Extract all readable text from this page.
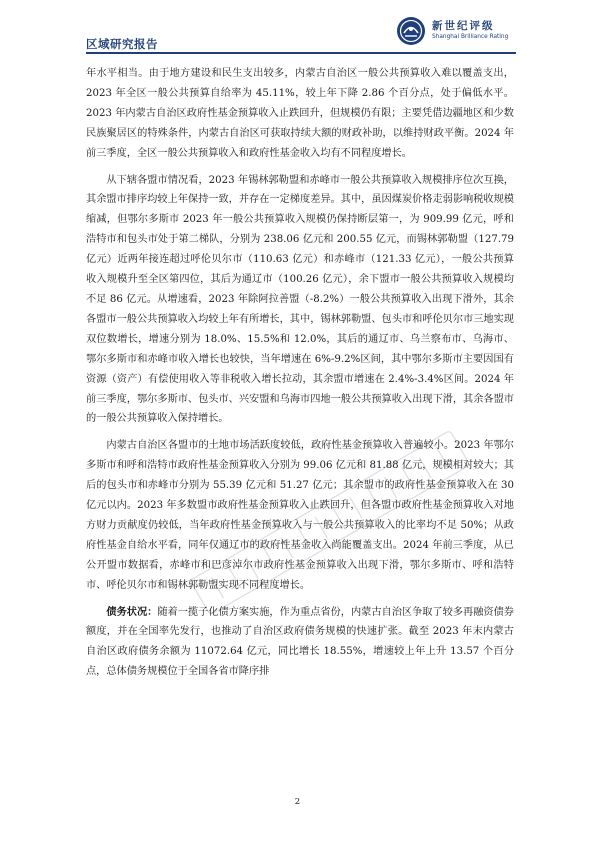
区域研究报告
新世纪评级
Shanghai Brilliance Rating

年水平相当。由于地方建设和民生支出较多，内蒙古自治区一般公共预算收入难以覆盖支出，2023 年全区一般公共预算自给率为 45.11%，较上年下降 2.86 个百分点，处于偏低水平。2023 年内蒙古自治区政府性基金预算收入止跌回升，但规模仍有限；主要凭借边疆地区和少数民族聚居区的特殊条件，内蒙古自治区可获取持续大额的财政补助，以维持财政平衡。2024 年前三季度，全区一般公共预算收入和政府性基金收入均有不同程度增长。

从下辖各盟市情况看，2023 年锡林郭勒盟和赤峰市一般公共预算收入规模排序位次互换，其余盟市排序均较上年保持一致，并存在一定梯度差异。其中，虽因煤炭价格走弱影响税收规模缩减，但鄂尔多斯市 2023 年一般公共预算收入规模仍保持断层第一，为 909.99 亿元，呼和浩特市和包头市处于第二梯队，分别为 238.06 亿元和 200.55 亿元，而锡林郭勒盟（127.79 亿元）近两年接连超过呼伦贝尔市（110.63 亿元）和赤峰市（121.33 亿元），一般公共预算收入规模升至全区第四位，其后为通辽市（100.26 亿元），余下盟市一般公共预算收入规模均不足 86 亿元。从增速看，2023 年除阿拉善盟（-8.2%）一般公共预算收入出现下滑外，其余各盟市一般公共预算收入均较上年有所增长，其中，锡林郭勒盟、包头市和呼伦贝尔市三地实现双位数增长，增速分别为 18.0%、15.5%和 12.0%，其后的通辽市、乌兰察布市、乌海市、鄂尔多斯市和赤峰市收入增长也较快，当年增速在 6%-9.2%区间，其中鄂尔多斯市主要因国有资源（资产）有偿使用收入等非税收入增长拉动，其余盟市增速在 2.4%-3.4%区间。2024 年前三季度，鄂尔多斯市、包头市、兴安盟和乌海市四地一般公共预算收入出现下滑，其余各盟市的一般公共预算收入保持增长。

内蒙古自治区各盟市的土地市场活跃度较低，政府性基金预算收入普遍较小。2023 年鄂尔多斯市和呼和浩特市政府性基金预算收入分别为 99.06 亿元和 81.88 亿元，规模相对较大；其后的包头市和赤峰市分别为 55.39 亿元和 51.27 亿元；其余盟市的政府性基金预算收入在 30 亿元以内。2023 年多数盟市政府性基金预算收入止跌回升，但各盟市政府性基金预算收入对地方财力贡献度仍较低，当年政府性基金预算收入与一般公共预算收入的比率均不足 50%；从政府性基金自给水平看，同年仅通辽市的政府性基金收入尚能覆盖支出。2024 年前三季度，从已公开盟市数据看，赤峰市和巴彦淖尔市政府性基金预算收入出现下滑，鄂尔多斯市、呼和浩特市、呼伦贝尔市和锡林郭勒盟实现不同程度增长。

债务状况：随着一揽子化债方案实施，作为重点省份，内蒙古自治区争取了较多再融资债券额度，并在全国率先发行，也推动了自治区政府债务规模的快速扩张。截至 2023 年末内蒙古自治区政府债务余额为 11072.64 亿元，同比增长 18.55%，增速较上年上升 13.57 个百分点，总体债务规模位于全国各省市降序排

2
